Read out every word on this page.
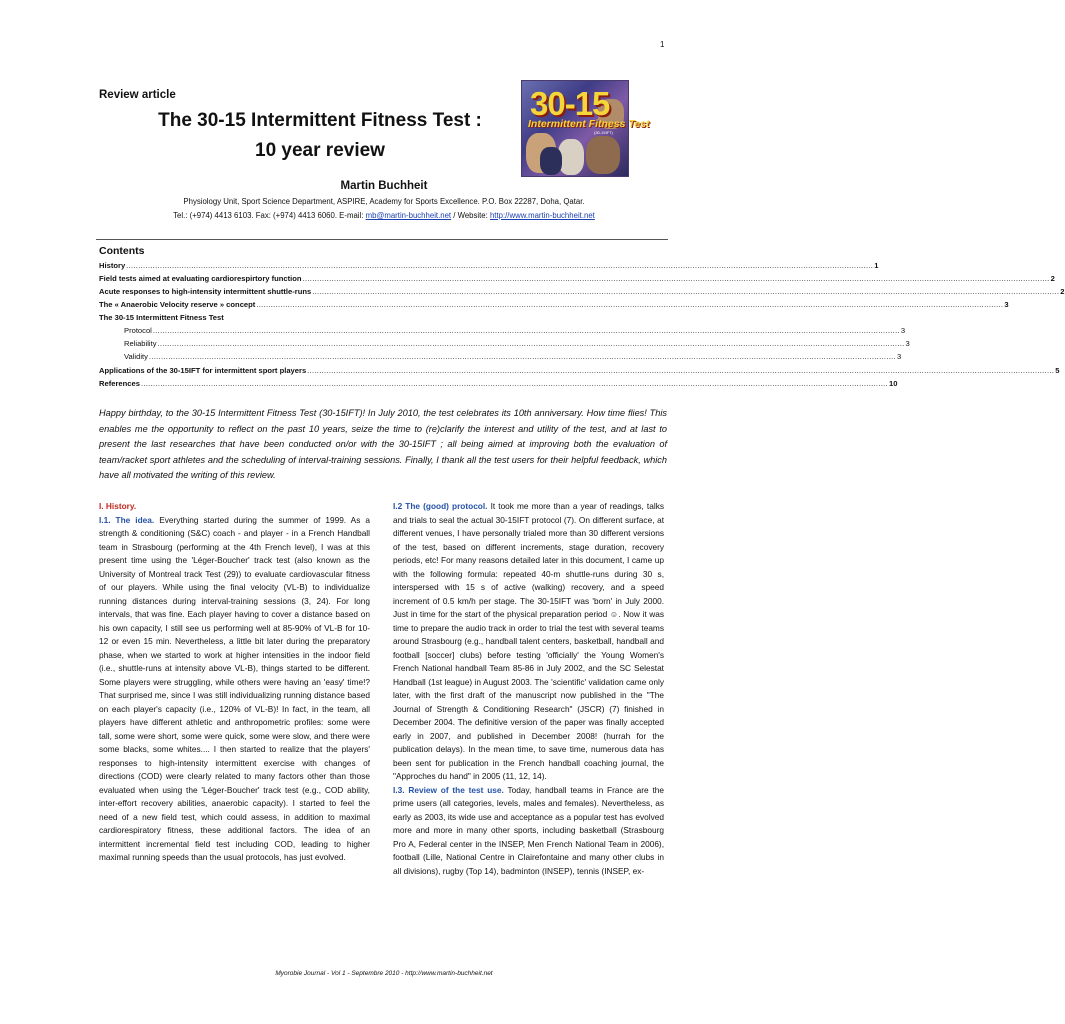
1
Review article
The 30-15 Intermittent Fitness Test :
10 year review
30-15
Intermittent Fitness Test
(30-15IFT)
Martin Buchheit
Physiology Unit, Sport Science Department, ASPIRE, Academy for Sports Excellence. P.O. Box 22287, Doha, Qatar.
Tel.: (+974) 4413 6103. Fax: (+974) 4413 6060. E-mail: mb@martin-buchheit.net / Website: http://www.martin-buchheit.net
Contents
History .....	1
Field tests aimed at evaluating cardiorespirtory function .....	2
Acute responses to high-intensity intermittent shuttle-runs .....	2
The « Anaerobic Velocity reserve » concept .....	3
The 30-15 Intermittent Fitness Test
Protocol .....	3
Reliability .....	3
Validity .....	3
Applications of the 30-15IFT for intermittent sport players .....	5
References .....	10
Happy birthday, to the 30-15 Intermittent Fitness Test (30-15IFT)! In July 2010, the test celebrates its 10th anniversary. How time flies! This enables me the opportunity to reflect on the past 10 years, seize the time to (re)clarify the interest and utility of the test, and at last to present the last researches that have been conducted on/or with the 30-15IFT ; all being aimed at improving both the evaluation of team/racket sport athletes and the scheduling of interval-training sessions. Finally, I thank all the test users for their helpful feedback, which have all motivated the writing of this review.
I. History.

I.1. The idea. Everything started during the summer of 1999. As a strength & conditioning (S&C) coach - and player - in a French Handball team in Strasbourg (performing at the 4th French level), I was at this present time using the 'Léger-Boucher' track test (also known as the University of Montreal track Test (29)) to evaluate cardiovascular fitness of our players. While using the final velocity (VL-B) to individualize running distances during interval-training sessions (3, 24). For long intervals, that was fine. Each player having to cover a distance based on his own capacity, I still see us performing well at 85-90% of VL-B for 10-12 or even 15 min. Nevertheless, a little bit later during the preparatory phase, when we started to work at higher intensities in the indoor field (i.e., shuttle-runs at intensity above VL-B), things started to be different. Some players were struggling, while others were having an 'easy' time!? That surprised me, since I was still individualizing running distance based on each player's capacity (i.e., 120% of VL-B)! In fact, in the team, all players have different athletic and anthropometric profiles: some were tall, some were short, some were quick, some were slow, and there were some blacks, some whites.... I then started to realize that the players' responses to high-intensity intermittent exercise with changes of directions (COD) were clearly related to many factors other than those evaluated when using the 'Léger-Boucher' track test (e.g., COD ability, inter-effort recovery abilities, anaerobic capacity). I started to feel the need of a new field test, which could assess, in addition to maximal cardiorespiratory fitness, these additional factors. The idea of an intermittent incremental field test including COD, leading to higher maximal running speeds than the usual protocols, has just evolved.

I.2 The (good) protocol. It took me more than a year of readings, talks and trials to seal the actual 30-15IFT protocol (7). On different surface, at different venues, I have personally trialed more than 30 different versions of the test, based on different increments, stage duration, recovery periods, etc! For many reasons detailed later in this document, I came up with the following formula: repeated 40-m shuttle-runs during 30 s, interspersed with 15 s of active (walking) recovery, and a speed increment of 0.5 km/h per stage. The 30-15IFT was 'born' in July 2000. Just in time for the start of the physical preparation period ☺. Now it was time to prepare the audio track in order to trial the test with several teams around Strasbourg (e.g., handball talent centers, basketball, handball and football [soccer] clubs) before testing 'officially' the Young Women's French National handball Team 85-86 in July 2002, and the SC Selestat Handball (1st league) in August 2003. The 'scientific' validation came only later, with the first draft of the manuscript now published in the "The Journal of Strength & Conditioning Research" (JSCR) (7) finished in December 2004. The definitive version of the paper was finally accepted early in 2007, and published in December 2008! (hurrah for the publication delays). In the mean time, to save time, numerous data has been sent for publication in the French handball coaching journal, the "Approches du hand" in 2005 (11, 12, 14).

I.3. Review of the test use. Today, handball teams in France are the prime users (all categories, levels, males and females). Nevertheless, as early as 2003, its wide use and acceptance as a popular test has evolved more and more in many other sports, including basketball (Strasbourg Pro A, Federal center in the INSEP, Men French National Team in 2006), football (Lille, National Centre in Clairefontaine and many other clubs in all divisions), rugby (Top 14), badminton (INSEP), tennis (INSEP, ex-

Myorobie Journal - Vol 1 - Septembre 2010 - http://www.martin-buchheit.net
